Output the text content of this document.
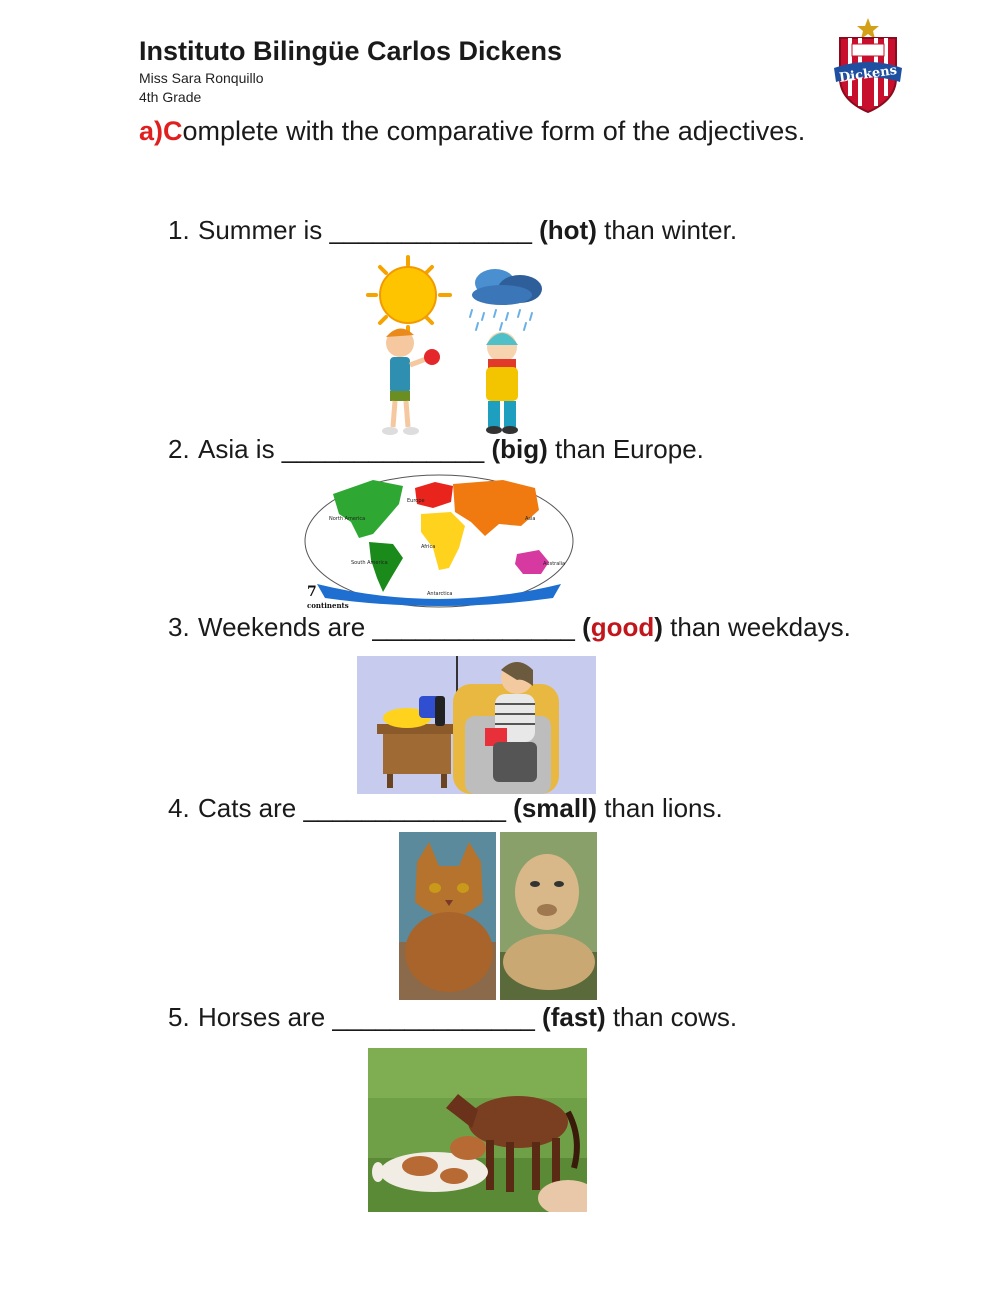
Instituto Bilingüe Carlos Dickens
Miss Sara Ronquillo
4th Grade
Dickens
a)Complete with the comparative form of the adjectives.
1. Summer is ______________ (hot) than winter.
2. Asia is ______________ (big) than Europe.
North America
Europe
Asia
Africa
South America	Australia
Antarctica
7
continents
3. Weekends are ______________ (good) than weekdays.
4. Cats are ______________ (small) than lions.
5. Horses are ______________ (fast) than cows.
